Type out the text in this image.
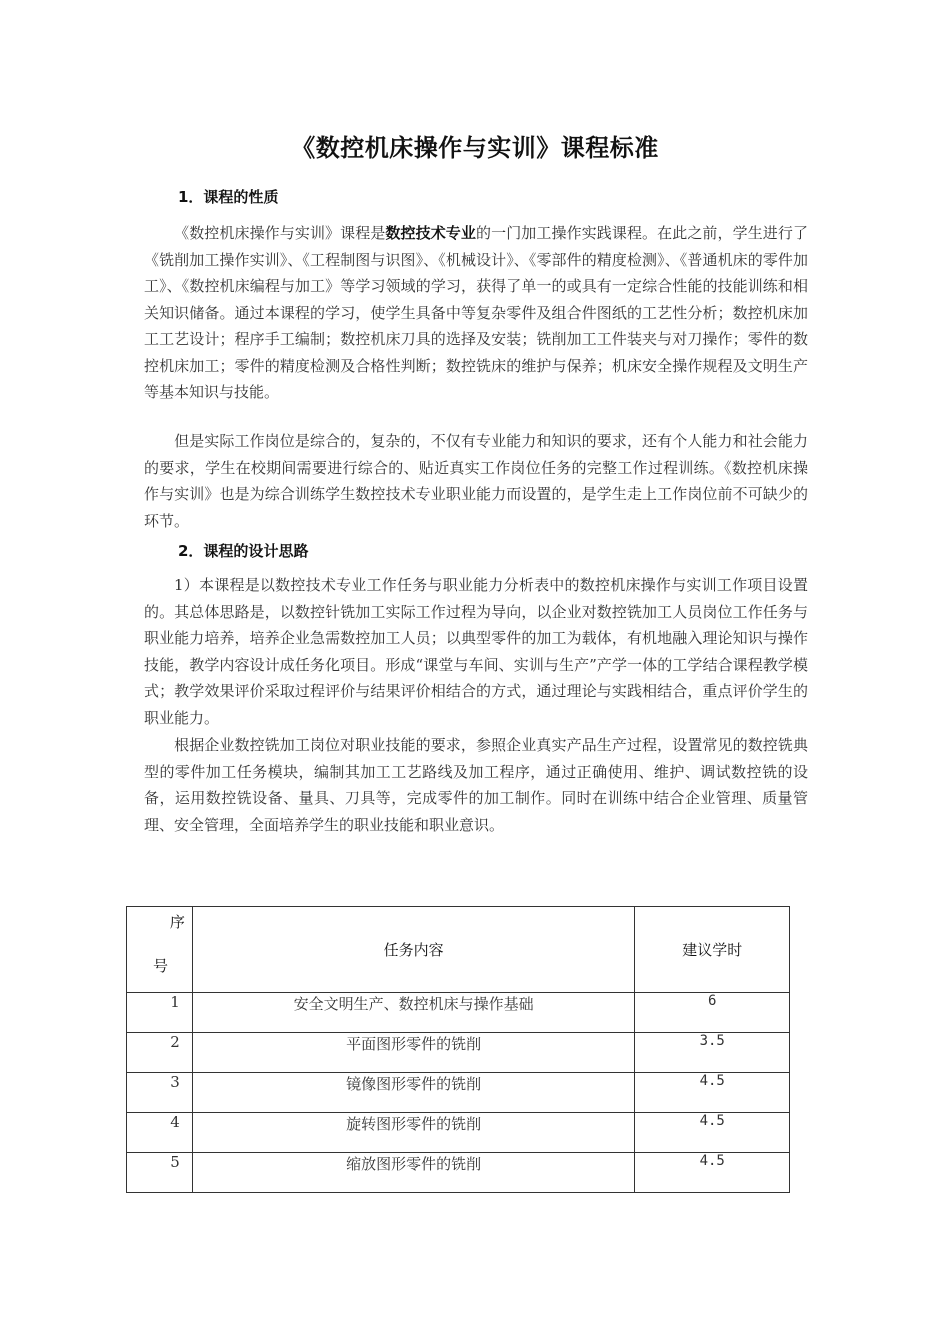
《数控机床操作与实训》课程标准
1．课程的性质

《数控机床操作与实训》课程是数控技术专业的一门加工操作实践课程。在此之前，学生进行了《铣削加工操作实训》、《工程制图与识图》、《机械设计》、《零部件的精度检测》、《普通机床的零件加工》、《数控机床编程与加工》等学习领域的学习，获得了单一的或具有一定综合性能的技能训练和相关知识储备。通过本课程的学习，使学生具备中等复杂零件及组合件图纸的工艺性分析；数控机床加工工艺设计；程序手工编制；数控机床刀具的选择及安装；铣削加工工件装夹与对刀操作；零件的数控机床加工；零件的精度检测及合格性判断；数控铣床的维护与保养；机床安全操作规程及文明生产等基本知识与技能。

但是实际工作岗位是综合的，复杂的，不仅有专业能力和知识的要求，还有个人能力和社会能力的要求，学生在校期间需要进行综合的、贴近真实工作岗位任务的完整工作过程训练。《数控机床操作与实训》也是为综合训练学生数控技术专业职业能力而设置的，是学生走上工作岗位前不可缺少的环节。

2．课程的设计思路

1）本课程是以数控技术专业工作任务与职业能力分析表中的数控机床操作与实训工作项目设置的。其总体思路是，以数控针铣加工实际工作过程为导向，以企业对数控铣加工人员岗位工作任务与职业能力培养，培养企业急需数控加工人员；以典型零件的加工为载体，有机地融入理论知识与操作技能，教学内容设计成任务化项目。形成“课堂与车间、实训与生产”产学一体的工学结合课程教学模式；教学效果评价采取过程评价与结果评价相结合的方式，通过理论与实践相结合，重点评价学生的职业能力。

根据企业数控铣加工岗位对职业技能的要求，参照企业真实产品生产过程，设置常见的数控铣典型的零件加工任务模块，编制其加工工艺路线及加工程序，通过正确使用、维护、调试数控铣的设备，运用数控铣设备、量具、刀具等，完成零件的加工制作。同时在训练中结合企业管理、质量管理、安全管理，全面培养学生的职业技能和职业意识。

序
号	任务内容	建议学时
1	安全文明生产、数控机床与操作基础	6
2	平面图形零件的铣削	3.5
3	镜像图形零件的铣削	4.5
4	旋转图形零件的铣削	4.5
5	缩放图形零件的铣削	4.5
